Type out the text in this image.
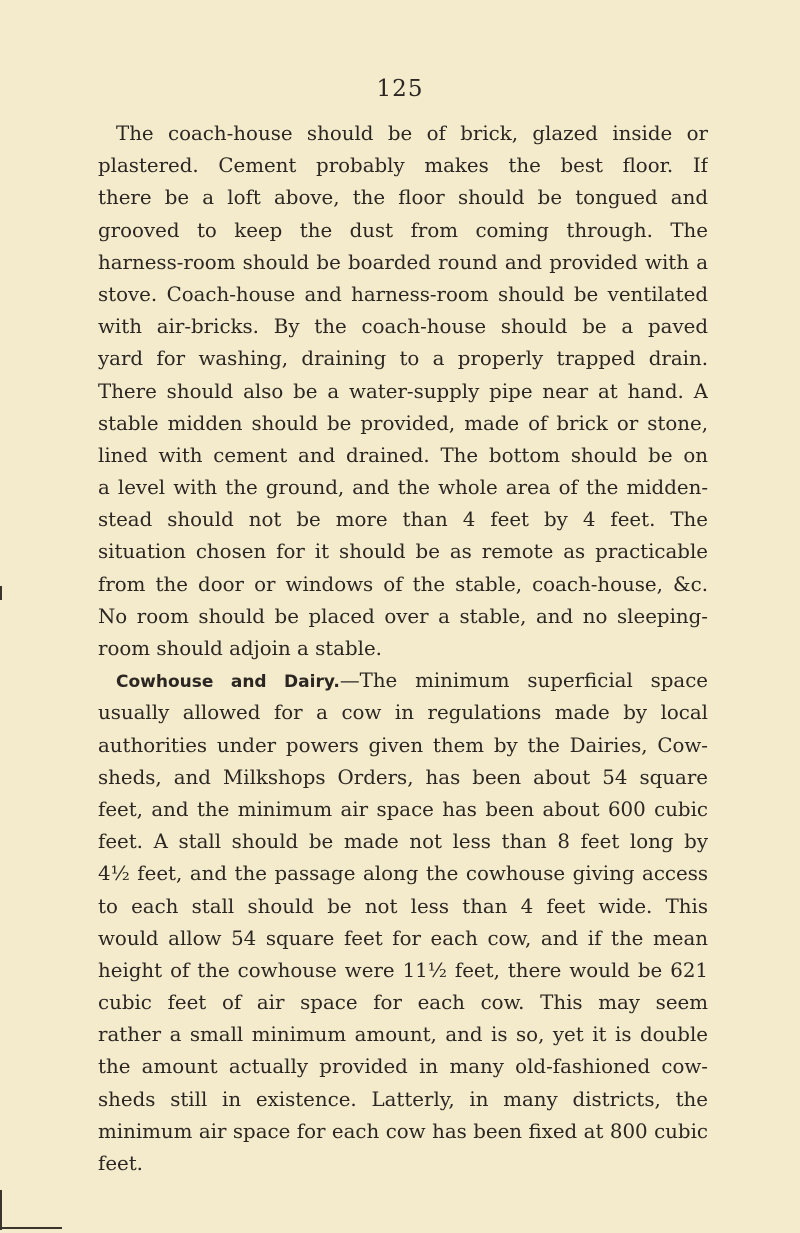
125
The coach-house should be of brick, glazed inside or
plastered. Cement probably makes the best floor. If
there be a loft above, the floor should be tongued and
grooved to keep the dust from coming through. The
harness-room should be boarded round and provided with a
stove. Coach-house and harness-room should be ventilated
with air-bricks. By the coach-house should be a paved
yard for washing, draining to a properly trapped drain.
There should also be a water-supply pipe near at hand. A
stable midden should be provided, made of brick or stone,
lined with cement and drained. The bottom should be on
a level with the ground, and the whole area of the midden-
stead should not be more than 4 feet by 4 feet. The
situation chosen for it should be as remote as practicable
from the door or windows of the stable, coach-house, &c.
No room should be placed over a stable, and no sleeping-
room should adjoin a stable.
Cowhouse and Dairy.—The minimum superficial space
usually allowed for a cow in regulations made by local
authorities under powers given them by the Dairies, Cow-
sheds, and Milkshops Orders, has been about 54 square
feet, and the minimum air space has been about 600 cubic
feet. A stall should be made not less than 8 feet long by
4½ feet, and the passage along the cowhouse giving access
to each stall should be not less than 4 feet wide. This
would allow 54 square feet for each cow, and if the mean
height of the cowhouse were 11½ feet, there would be 621
cubic feet of air space for each cow. This may seem
rather a small minimum amount, and is so, yet it is double
the amount actually provided in many old-fashioned cow-
sheds still in existence. Latterly, in many districts, the
minimum air space for each cow has been fixed at 800 cubic
feet.
